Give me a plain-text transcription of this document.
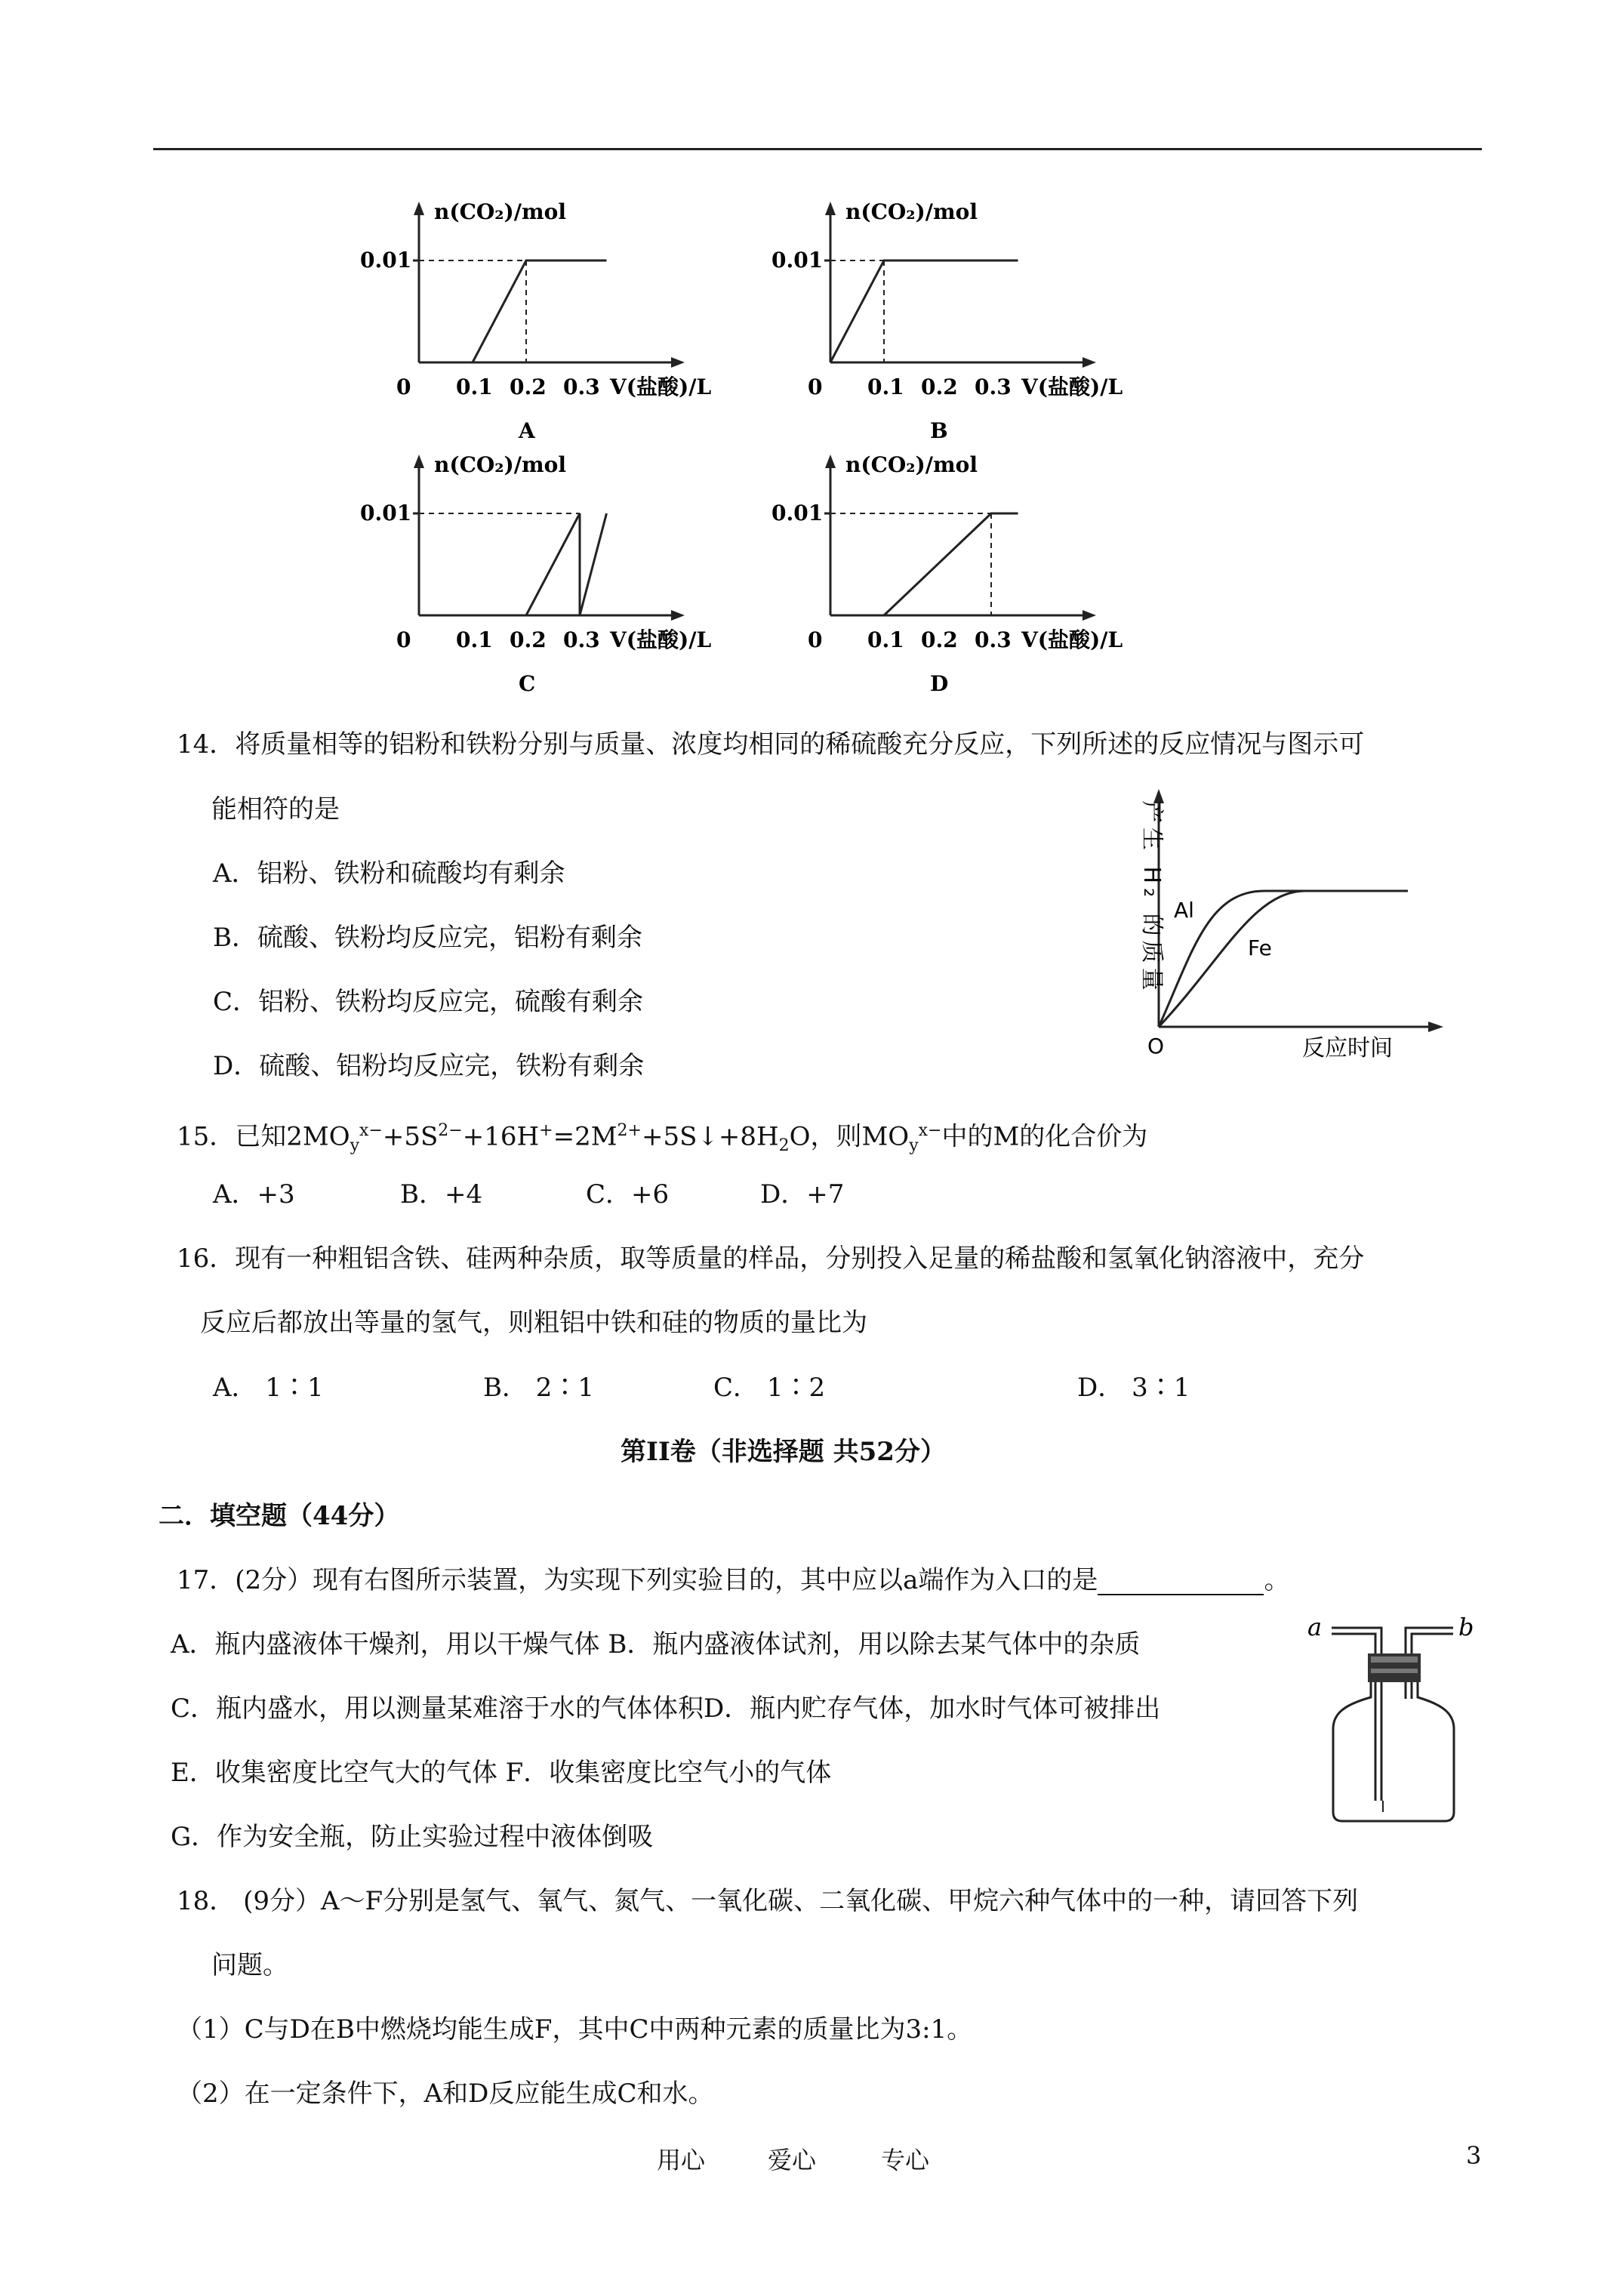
n(CO₂)/mol
0.01
0 0.1 0.2 0.3 V(盐酸)/L
A
n(CO₂)/mol
0.01
0 0.1 0.2 0.3 V(盐酸)/L
B
n(CO₂)/mol
0.01
0 0.1 0.2 0.3 V(盐酸)/L
C
n(CO₂)/mol
0.01
0 0.1 0.2 0.3 V(盐酸)/L
D
14．将质量相等的铝粉和铁粉分别与质量、浓度均相同的稀硫酸充分反应，下列所述的反应情况与图示可
能相符的是
A．铝粉、铁粉和硫酸均有剩余
B．硫酸、铁粉均反应完，铝粉有剩余
C．铝粉、铁粉均反应完，硫酸有剩余
D．硫酸、铝粉均反应完，铁粉有剩余
产生 H₂ 的质量 Al
Fe
O	反应时间
15．已知$2MO_y^{x-}+5S^{2-}+16H^+=2M^{2+}+5S↓+8H_2O$，则$MO_y^{x-}$中的M的化合价为
A．+3	B．+4	C．+6	D．+7
16．现有一种粗铝含铁、硅两种杂质，取等质量的样品，分别投入足量的稀盐酸和氢氧化钠溶液中，充分
反应后都放出等量的氢气，则粗铝中铁和硅的物质的量比为
A． 1∶1	B． 2∶1	C． 1∶2	D． 3∶1
第II卷（非选择题 共52分）
二．填空题（44分）
17．(2分）现有右图所示装置，为实现下列实验目的，其中应以a端作为入口的是	。
A．瓶内盛液体干燥剂，用以干燥气体 B．瓶内盛液体试剂，用以除去某气体中的杂质
C．瓶内盛水，用以测量某难溶于水的气体体积D．瓶内贮存气体，加水时气体可被排出
E．收集密度比空气大的气体 F．收集密度比空气小的气体
G．作为安全瓶，防止实验过程中液体倒吸
a	b
18． (9分）A～F分别是氢气、氧气、氮气、一氧化碳、二氧化碳、甲烷六种气体中的一种，请回答下列
问题。
（1）C与D在B中燃烧均能生成F，其中C中两种元素的质量比为3:1。
（2）在一定条件下，A和D反应能生成C和水。
用心	爱心	专心	3
